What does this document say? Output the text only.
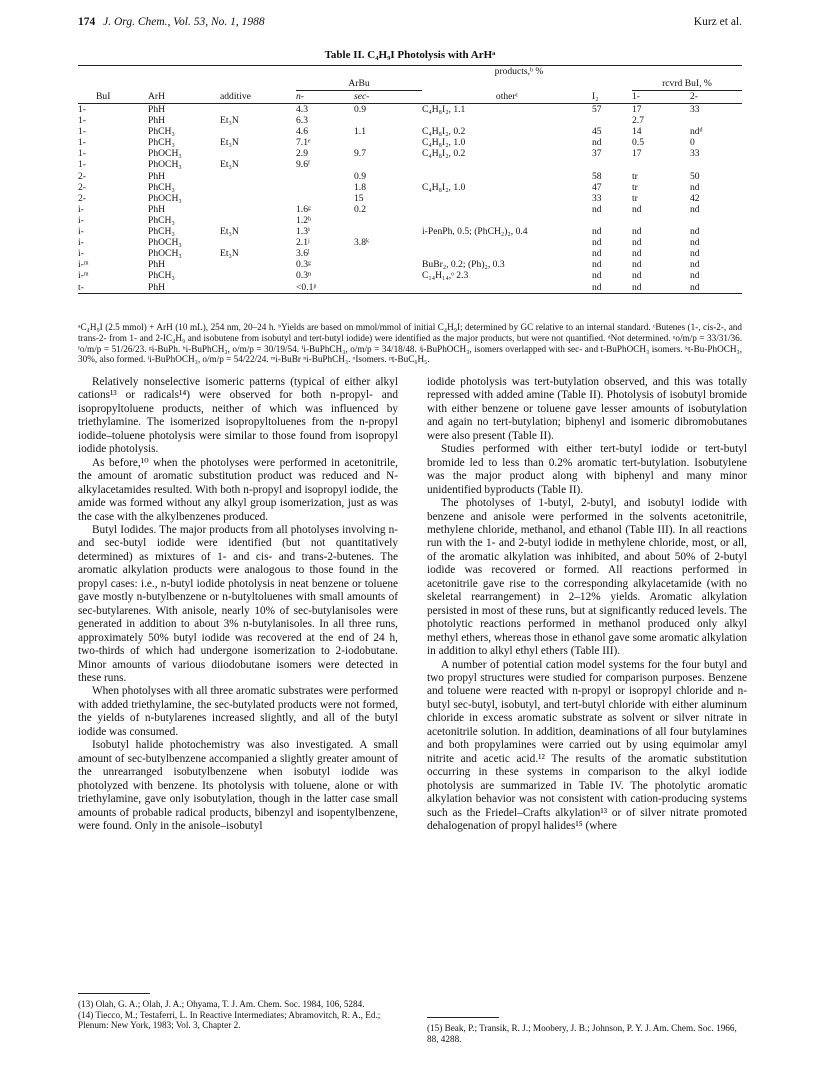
174 J. Org. Chem., Vol. 53, No. 1, 1988	Kurz et al.
Table II. C₄H₉I Photolysis with ArHᵃ
			products,ᵇ %					
			ArBu				rcvrd BuI, %	
BuI	ArH	additive	n-	sec-	otherᶜ	I₂	1-	2-
1-	PhH		4.3	0.9	C₄H₈I₂, 1.1	57	17	33
1-	PhH	Et₃N	6.3				2.7	
1-	PhCH₃		4.6	1.1	C₄H₈I₂, 0.2	45	14	ndᵈ
1-	PhCH₃	Et₃N	7.1ᵉ		C₄H₈I₂, 1.0	nd	0.5	0
1-	PhOCH₃		2.9	9.7	C₄H₈I₂, 0.2	37	17	33
1-	PhOCH₃	Et₃N	9.6ᶠ					
2-	PhH			0.9		58	tr	50
2-	PhCH₃			1.8	C₄H₈I₂, 1.0	47	tr	nd
2-	PhOCH₃			15		33	tr	42
i-	PhH		1.6ᵍ	0.2		nd	nd	nd
i-	PhCH₃		1.2ʰ					
i-	PhCH₃	Et₃N	1.3ⁱ		i-PenPh, 0.5; (PhCH₂)₂, 0.4	nd	nd	nd
i-	PhOCH₃		2.1ʲ	3.8ᵏ		nd	nd	nd
i-	PhOCH₃	Et₃N	3.6ˡ			nd	nd	nd
i-ᵐ	PhH		0.3ᵍ		BuBr₂, 0.2; (Ph)₂, 0.3	nd	nd	nd
i-ᵐ	PhCH₃		0.3ⁿ		C₁₄H₁₄,ᵒ 2.3	nd	nd	nd
t-	PhH		<0.1ᵖ			nd	nd	nd
ᵃC₄H₉I (2.5 mmol) + ArH (10 mL), 254 nm, 20–24 h. ᵇYields are based on mmol/mmol of initial C₄H₉I; determined by GC relative to an internal standard. ᶜButenes (1-, cis-2-, and trans-2- from 1- and 2-IC₄H₉ and isobutene from isobutyl and tert-butyl iodide) were identified as the major products, but were not quantified. ᵈNot determined. ᵉo/m/p = 33/31/36. ᶠo/m/p = 51/26/23. ᵍi-BuPh. ʰi-BuPhCH₃, o/m/p = 30/19/54. ⁱi-BuPhCH₃, o/m/p = 34/18/48. ʲi-BuPhOCH₃, isomers overlapped with sec- and t-BuPhOCH₃ isomers. ᵏt-Bu-PhOCH₃, 30%, also formed. ˡi-BuPhOCH₃, o/m/p = 54/22/24. ᵐi-BuBr ⁿi-BuPhCH₃. ᵒIsomers. ᵖt-BuC₆H₅.

Relatively nonselective isomeric patterns (typical of either alkyl cations¹³ or radicals¹⁴) were observed for both n-propyl- and isopropyltoluene products, neither of which was influenced by triethylamine. The isomerized isopropyltoluenes from the n-propyl iodide–toluene photolysis were similar to those found from isopropyl iodide photolysis.

As before,¹⁰ when the photolyses were performed in acetonitrile, the amount of aromatic substitution product was reduced and N-alkylacetamides resulted. With both n-propyl and isopropyl iodide, the amide was formed without any alkyl group isomerization, just as was the case with the alkylbenzenes produced.

Butyl Iodides. The major products from all photolyses involving n- and sec-butyl iodide were identified (but not quantitatively determined) as mixtures of 1- and cis- and trans-2-butenes. The aromatic alkylation products were analogous to those found in the propyl cases: i.e., n-butyl iodide photolysis in neat benzene or toluene gave mostly n-butylbenzene or n-butyltoluenes with small amounts of sec-butylarenes. With anisole, nearly 10% of sec-butylanisoles were generated in addition to about 3% n-butylanisoles. In all three runs, approximately 50% butyl iodide was recovered at the end of 24 h, two-thirds of which had undergone isomerization to 2-iodobutane. Minor amounts of various diiodobutane isomers were detected in these runs.

When photolyses with all three aromatic substrates were performed with added triethylamine, the sec-butylated products were not formed, the yields of n-butylarenes increased slightly, and all of the butyl iodide was consumed.

Isobutyl halide photochemistry was also investigated. A small amount of sec-butylbenzene accompanied a slightly greater amount of the unrearranged isobutylbenzene when isobutyl iodide was photolyzed with benzene. Its photolysis with toluene, alone or with triethylamine, gave only isobutylation, though in the latter case small amounts of probable radical products, bibenzyl and isopentylbenzene, were found. Only in the anisole–isobutyl

iodide photolysis was tert-butylation observed, and this was totally repressed with added amine (Table II). Photolysis of isobutyl bromide with either benzene or toluene gave lesser amounts of isobutylation and again no tert-butylation; biphenyl and isomeric dibromobutanes were also present (Table II).

Studies performed with either tert-butyl iodide or tert-butyl bromide led to less than 0.2% aromatic tert-butylation. Isobutylene was the major product along with biphenyl and many minor unidentified byproducts (Table II).

The photolyses of 1-butyl, 2-butyl, and isobutyl iodide with benzene and anisole were performed in the solvents acetonitrile, methylene chloride, methanol, and ethanol (Table III). In all reactions run with the 1- and 2-butyl iodide in methylene chloride, most, or all, of the aromatic alkylation was inhibited, and about 50% of 2-butyl iodide was recovered or formed. All reactions performed in acetonitrile gave rise to the corresponding alkylacetamide (with no skeletal rearrangement) in 2–12% yields. Aromatic alkylation persisted in most of these runs, but at significantly reduced levels. The photolytic reactions performed in methanol produced only alkyl methyl ethers, whereas those in ethanol gave some aromatic alkylation in addition to alkyl ethyl ethers (Table III).

A number of potential cation model systems for the four butyl and two propyl structures were studied for comparison purposes. Benzene and toluene were reacted with n-propyl or isopropyl chloride and n-butyl sec-butyl, isobutyl, and tert-butyl chloride with either aluminum chloride in excess aromatic substrate as solvent or silver nitrate in acetonitrile solution. In addition, deaminations of all four butylamines and both propylamines were carried out by using equimolar amyl nitrite and acetic acid.¹² The results of the aromatic substitution occurring in these systems in comparison to the alkyl iodide photolysis are summarized in Table IV. The photolytic aromatic alkylation behavior was not consistent with cation-producing systems such as the Friedel–Crafts alkylation¹³ or of silver nitrate promoted dehalogenation of propyl halides¹⁵ (where

(13) Olah, G. A.; Olah, J. A.; Ohyama, T. J. Am. Chem. Soc. 1984, 106, 5284.

(14) Tiecco, M.; Testaferri, L. In Reactive Intermediates; Abramovitch, R. A., Ed.; Plenum: New York, 1983; Vol. 3, Chapter 2.	(15) Beak, P.; Transik, R. J.; Moobery, J. B.; Johnson, P. Y. J. Am. Chem. Soc. 1966, 88, 4288.
